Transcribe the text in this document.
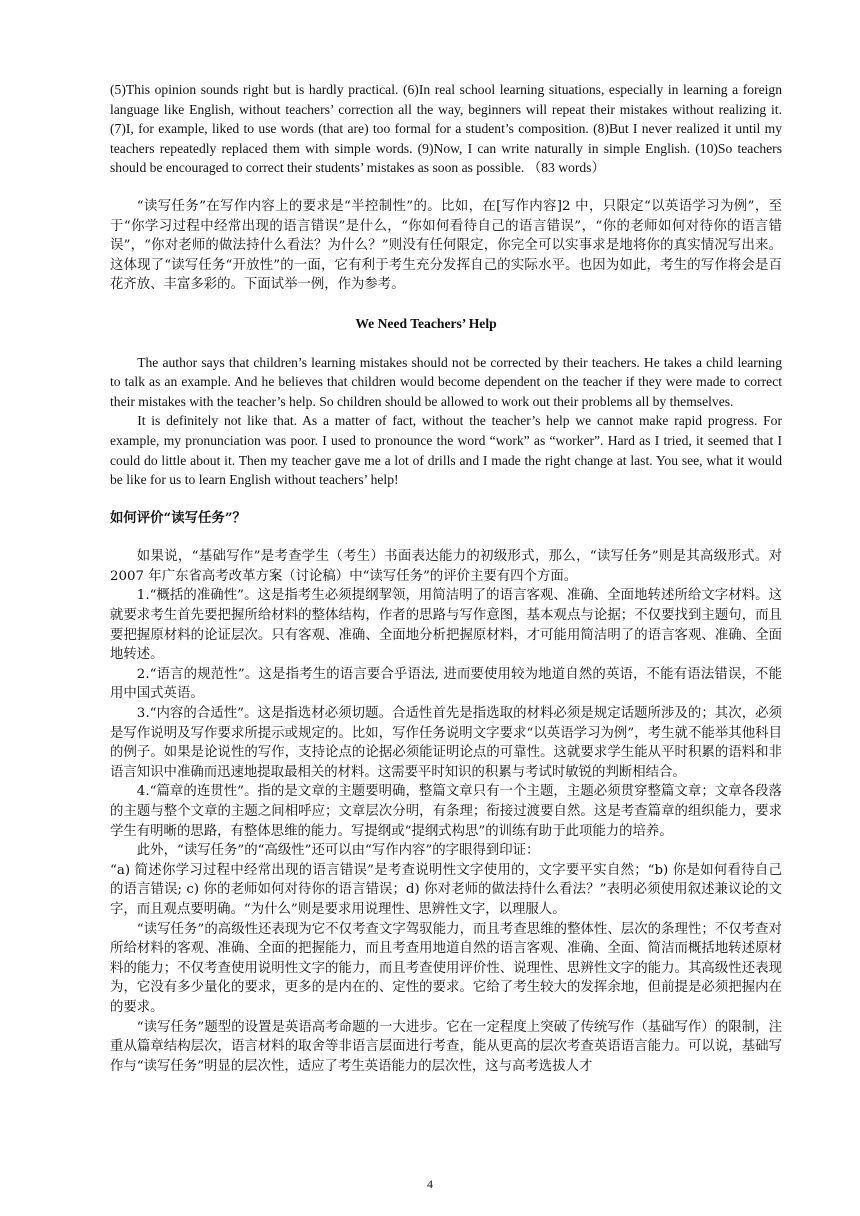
(5)This opinion sounds right but is hardly practical. (6)In real school learning situations, especially in learning a foreign language like English, without teachers’ correction all the way, beginners will repeat their mistakes without realizing it. (7)I, for example, liked to use words (that are) too formal for a student’s composition. (8)But I never realized it until my teachers repeatedly replaced them with simple words. (9)Now, I can write naturally in simple English. (10)So teachers should be encouraged to correct their students’ mistakes as soon as possible. （83 words）

“读写任务”在写作内容上的要求是“半控制性”的。比如，在[写作内容]2 中，只限定“以英语学习为例”，至于“你学习过程中经常出现的语言错误”是什么，“你如何看待自己的语言错误”，“你的老师如何对待你的语言错误”，“你对老师的做法持什么看法？为什么？”则没有任何限定，你完全可以实事求是地将你的真实情况写出来。这体现了“读写任务“开放性”的一面，它有利于考生充分发挥自己的实际水平。也因为如此，考生的写作将会是百花齐放、丰富多彩的。下面试举一例，作为参考。

We Need Teachers’ Help

The author says that children’s learning mistakes should not be corrected by their teachers. He takes a child learning to talk as an example. And he believes that children would become dependent on the teacher if they were made to correct their mistakes with the teacher’s help. So children should be allowed to work out their problems all by themselves.

It is definitely not like that. As a matter of fact, without the teacher’s help we cannot make rapid progress. For example, my pronunciation was poor. I used to pronounce the word “work” as “worker”. Hard as I tried, it seemed that I could do little about it. Then my teacher gave me a lot of drills and I made the right change at last. You see, what it would be like for us to learn English without teachers’ help!

如何评价“读写任务”？

如果说，“基础写作”是考查学生（考生）书面表达能力的初级形式，那么，“读写任务”则是其高级形式。对 2007 年广东省高考改革方案（讨论稿）中“读写任务”的评价主要有四个方面。

1.“概括的准确性”。这是指考生必须提纲挈领，用简洁明了的语言客观、准确、全面地转述所给文字材料。这就要求考生首先要把握所给材料的整体结构，作者的思路与写作意图，基本观点与论据；不仅要找到主题句，而且要把握原材料的论证层次。只有客观、准确、全面地分析把握原材料，才可能用简洁明了的语言客观、准确、全面地转述。

2.“语言的规范性”。这是指考生的语言要合乎语法, 进而要使用较为地道自然的英语，不能有语法错误，不能用中国式英语。

3.“内容的合适性”。这是指选材必须切题。合适性首先是指选取的材料必须是规定话题所涉及的；其次，必须是写作说明及写作要求所提示或规定的。比如，写作任务说明文字要求“以英语学习为例”，考生就不能举其他科目的例子。如果是论说性的写作，支持论点的论据必须能证明论点的可靠性。这就要求学生能从平时积累的语料和非语言知识中准确而迅速地提取最相关的材料。这需要平时知识的积累与考试时敏锐的判断相结合。

4.“篇章的连贯性”。指的是文章的主题要明确，整篇文章只有一个主题，主题必须贯穿整篇文章；文章各段落的主题与整个文章的主题之间相呼应；文章层次分明，有条理；衔接过渡要自然。这是考查篇章的组织能力，要求学生有明晰的思路，有整体思维的能力。写提纲或“提纲式构思”的训练有助于此项能力的培养。

此外，“读写任务”的“高级性”还可以由“写作内容”的字眼得到印证：

“a) 简述你学习过程中经常出现的语言错误”是考查说明性文字使用的，文字要平实自然；“b) 你是如何看待自己的语言错误; c) 你的老师如何对待你的语言错误；d) 你对老师的做法持什么看法？”表明必须使用叙述兼议论的文字，而且观点要明确。“为什么”则是要求用说理性、思辨性文字，以理服人。

“读写任务”的高级性还表现为它不仅考查文字驾驭能力，而且考查思维的整体性、层次的条理性；不仅考查对所给材料的客观、准确、全面的把握能力，而且考查用地道自然的语言客观、准确、全面、简洁而概括地转述原材料的能力；不仅考查使用说明性文字的能力，而且考查使用评价性、说理性、思辨性文字的能力。其高级性还表现为，它没有多少量化的要求，更多的是内在的、定性的要求。它给了考生较大的发挥余地，但前提是必须把握内在的要求。

“读写任务”题型的设置是英语高考命题的一大进步。它在一定程度上突破了传统写作（基础写作）的限制，注重从篇章结构层次，语言材料的取舍等非语言层面进行考查，能从更高的层次考查英语语言能力。可以说，基础写作与“读写任务”明显的层次性，适应了考生英语能力的层次性，这与高考选拔人才

4
